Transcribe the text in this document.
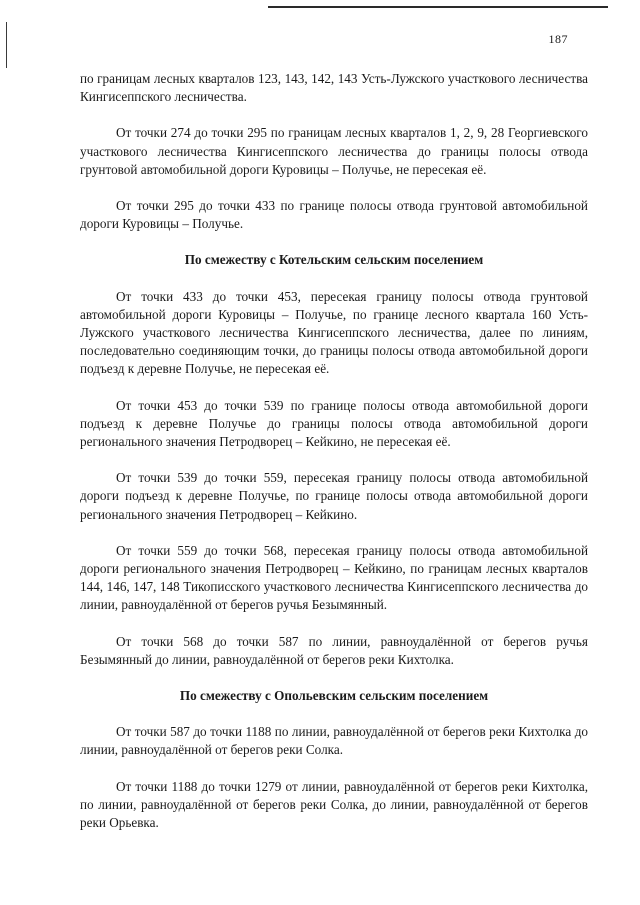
187

по границам лесных кварталов 123, 143, 142, 143 Усть-Лужского участкового лесничества Кингисеппского лесничества.

От точки 274 до точки 295 по границам лесных кварталов 1, 2, 9, 28 Георгиевского участкового лесничества Кингисеппского лесничества до границы полосы отвода грунтовой автомобильной дороги Куровицы – Получье, не пересекая её.

От точки 295 до точки 433 по границе полосы отвода грунтовой автомобильной дороги Куровицы – Получье.

По смежеству с Котельским сельским поселением

От точки 433 до точки 453, пересекая границу полосы отвода грунтовой автомобильной дороги Куровицы – Получье, по границе лесного квартала 160 Усть-Лужского участкового лесничества Кингисеппского лесничества, далее по линиям, последовательно соединяющим точки, до границы полосы отвода автомобильной дороги подъезд к деревне Получье, не пересекая её.

От точки 453 до точки 539 по границе полосы отвода автомобильной дороги подъезд к деревне Получье до границы полосы отвода автомобильной дороги регионального значения Петродворец – Кейкино, не пересекая её.

От точки 539 до точки 559, пересекая границу полосы отвода автомобильной дороги подъезд к деревне Получье, по границе полосы отвода автомобильной дороги регионального значения Петродворец – Кейкино.

От точки 559 до точки 568, пересекая границу полосы отвода автомобильной дороги регионального значения Петродворец – Кейкино, по границам лесных кварталов 144, 146, 147, 148 Тикописского участкового лесничества Кингисеппского лесничества до линии, равноудалённой от берегов ручья Безымянный.

От точки 568 до точки 587 по линии, равноудалённой от берегов ручья Безымянный до линии, равноудалённой от берегов реки Кихтолка.

По смежеству с Опольевским сельским поселением

От точки 587 до точки 1188 по линии, равноудалённой от берегов реки Кихтолка до линии, равноудалённой от берегов реки Солка.

От точки 1188 до точки 1279 от линии, равноудалённой от берегов реки Кихтолка, по линии, равноудалённой от берегов реки Солка, до линии, равноудалённой от берегов реки Орьевка.
